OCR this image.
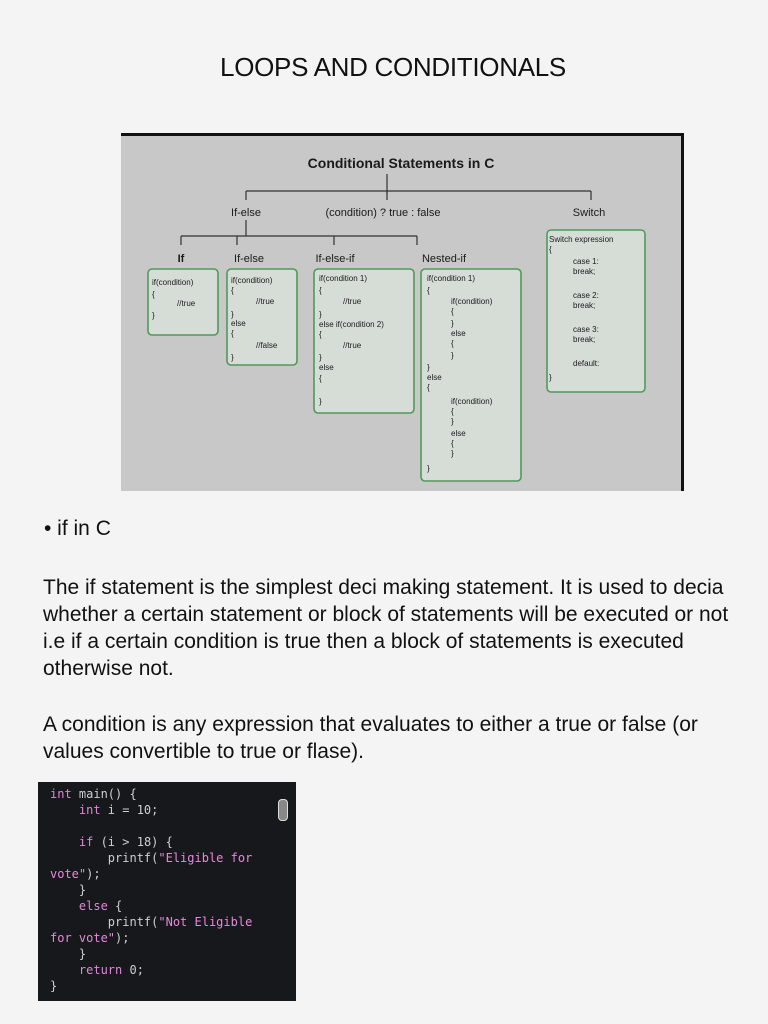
LOOPS AND CONDITIONALS
Conditional Statements in C
If-else	(condition) ? true : false	Switch
If	If-else	If-else-if	Nested-if
if(condition)
{
//true
}
if(condition)
{
//true
}
else
{
//false
}
if(condition 1)
{
//true
}
else if(condition 2)
{
//true
}
else
{
}
if(condition 1)
{
if(condition)
{
}
else
{
}
}
else
{
if(condition)
{
}
else
{
}
}
Switch expression
{
case 1:
break;
case 2:
break;
case 3:
break;
default:
}
• if in C

The if statement is the simplest deci making statement. It is used to decia whether a certain statement or block of statements will be executed or not i.e if a certain condition is true then a block of statements is executed otherwise not.

A condition is any expression that evaluates to either a true or false (or values convertible to true or flase).

int main() {
int i = 10;

if (i > 18) {
printf("Eligible for
vote");
}
else {
printf("Not Eligible
for vote");
}
return 0;
}
